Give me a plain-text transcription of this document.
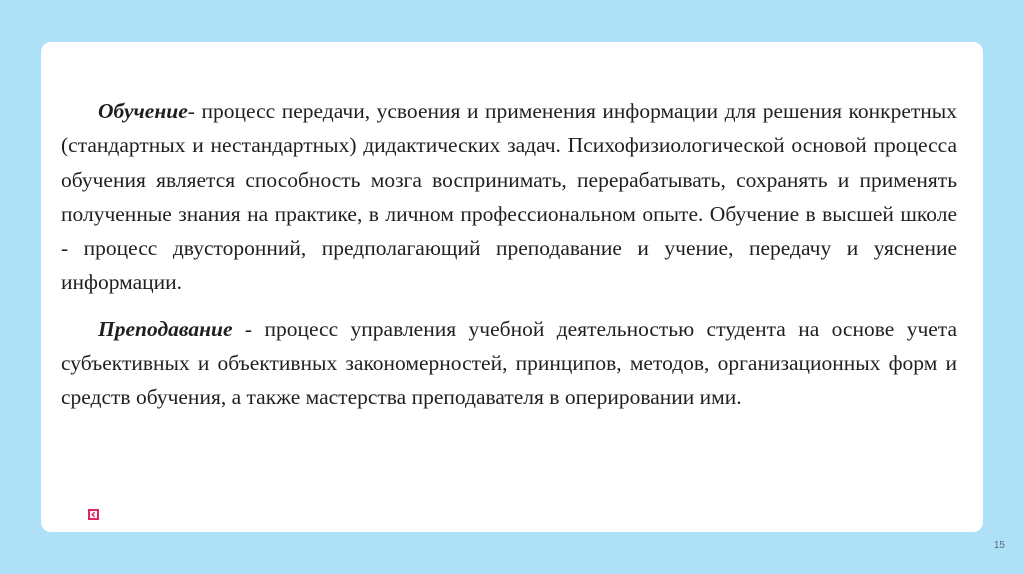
Обучение- процесс передачи, усвоения и применения информации для решения конкретных (стандартных и нестандартных) дидактических задач. Психофизиологической основой процесса обучения является способность мозга воспринимать, перерабатывать, сохранять и применять полученные знания на практике, в личном профессиональном опыте. Обучение в высшей школе - процесс двусторонний, предполагающий преподавание и учение, передачу и уяснение информации.

Преподавание - процесс управления учебной деятельностью студента на основе учета субъективных и объективных закономерностей, принципов, методов, организационных форм и средств обучения, а также мастерства преподавателя в оперировании ими.

15
